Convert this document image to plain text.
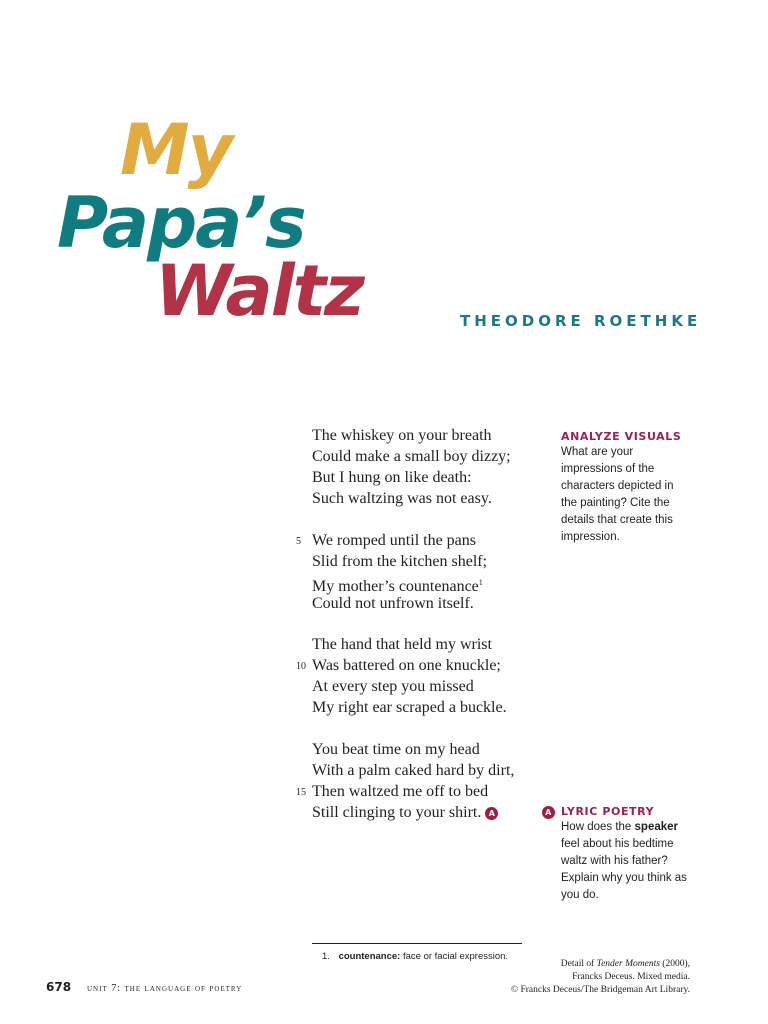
My
Papa’s
Waltz	THEODORE ROETHKE
The whiskey on your breath
Could make a small boy dizzy;
But I hung on like death:
Such waltzing was not easy.
5 We romped until the pans
Slid from the kitchen shelf;
My mother’s countenance$^1$
Could not unfrown itself.
The hand that held my wrist
10 Was battered on one knuckle;
At every step you missed
My right ear scraped a buckle.
You beat time on my head
With a palm caked hard by dirt,
15 Then waltzed me off to bed
Still clinging to your shirt. A
ANALYZE VISUALS
What are your impressions of the characters depicted in the painting? Cite the details that create this impression.
A LYRIC POETRY
How does the speaker feel about his bedtime waltz with his father? Explain why you think as you do.
1. countenance: face or facial expression.
Detail of Tender Moments (2000),
Francks Deceus. Mixed media.
© Francks Deceus/The Bridgeman Art Library.
678 unit 7: the language of poetry
